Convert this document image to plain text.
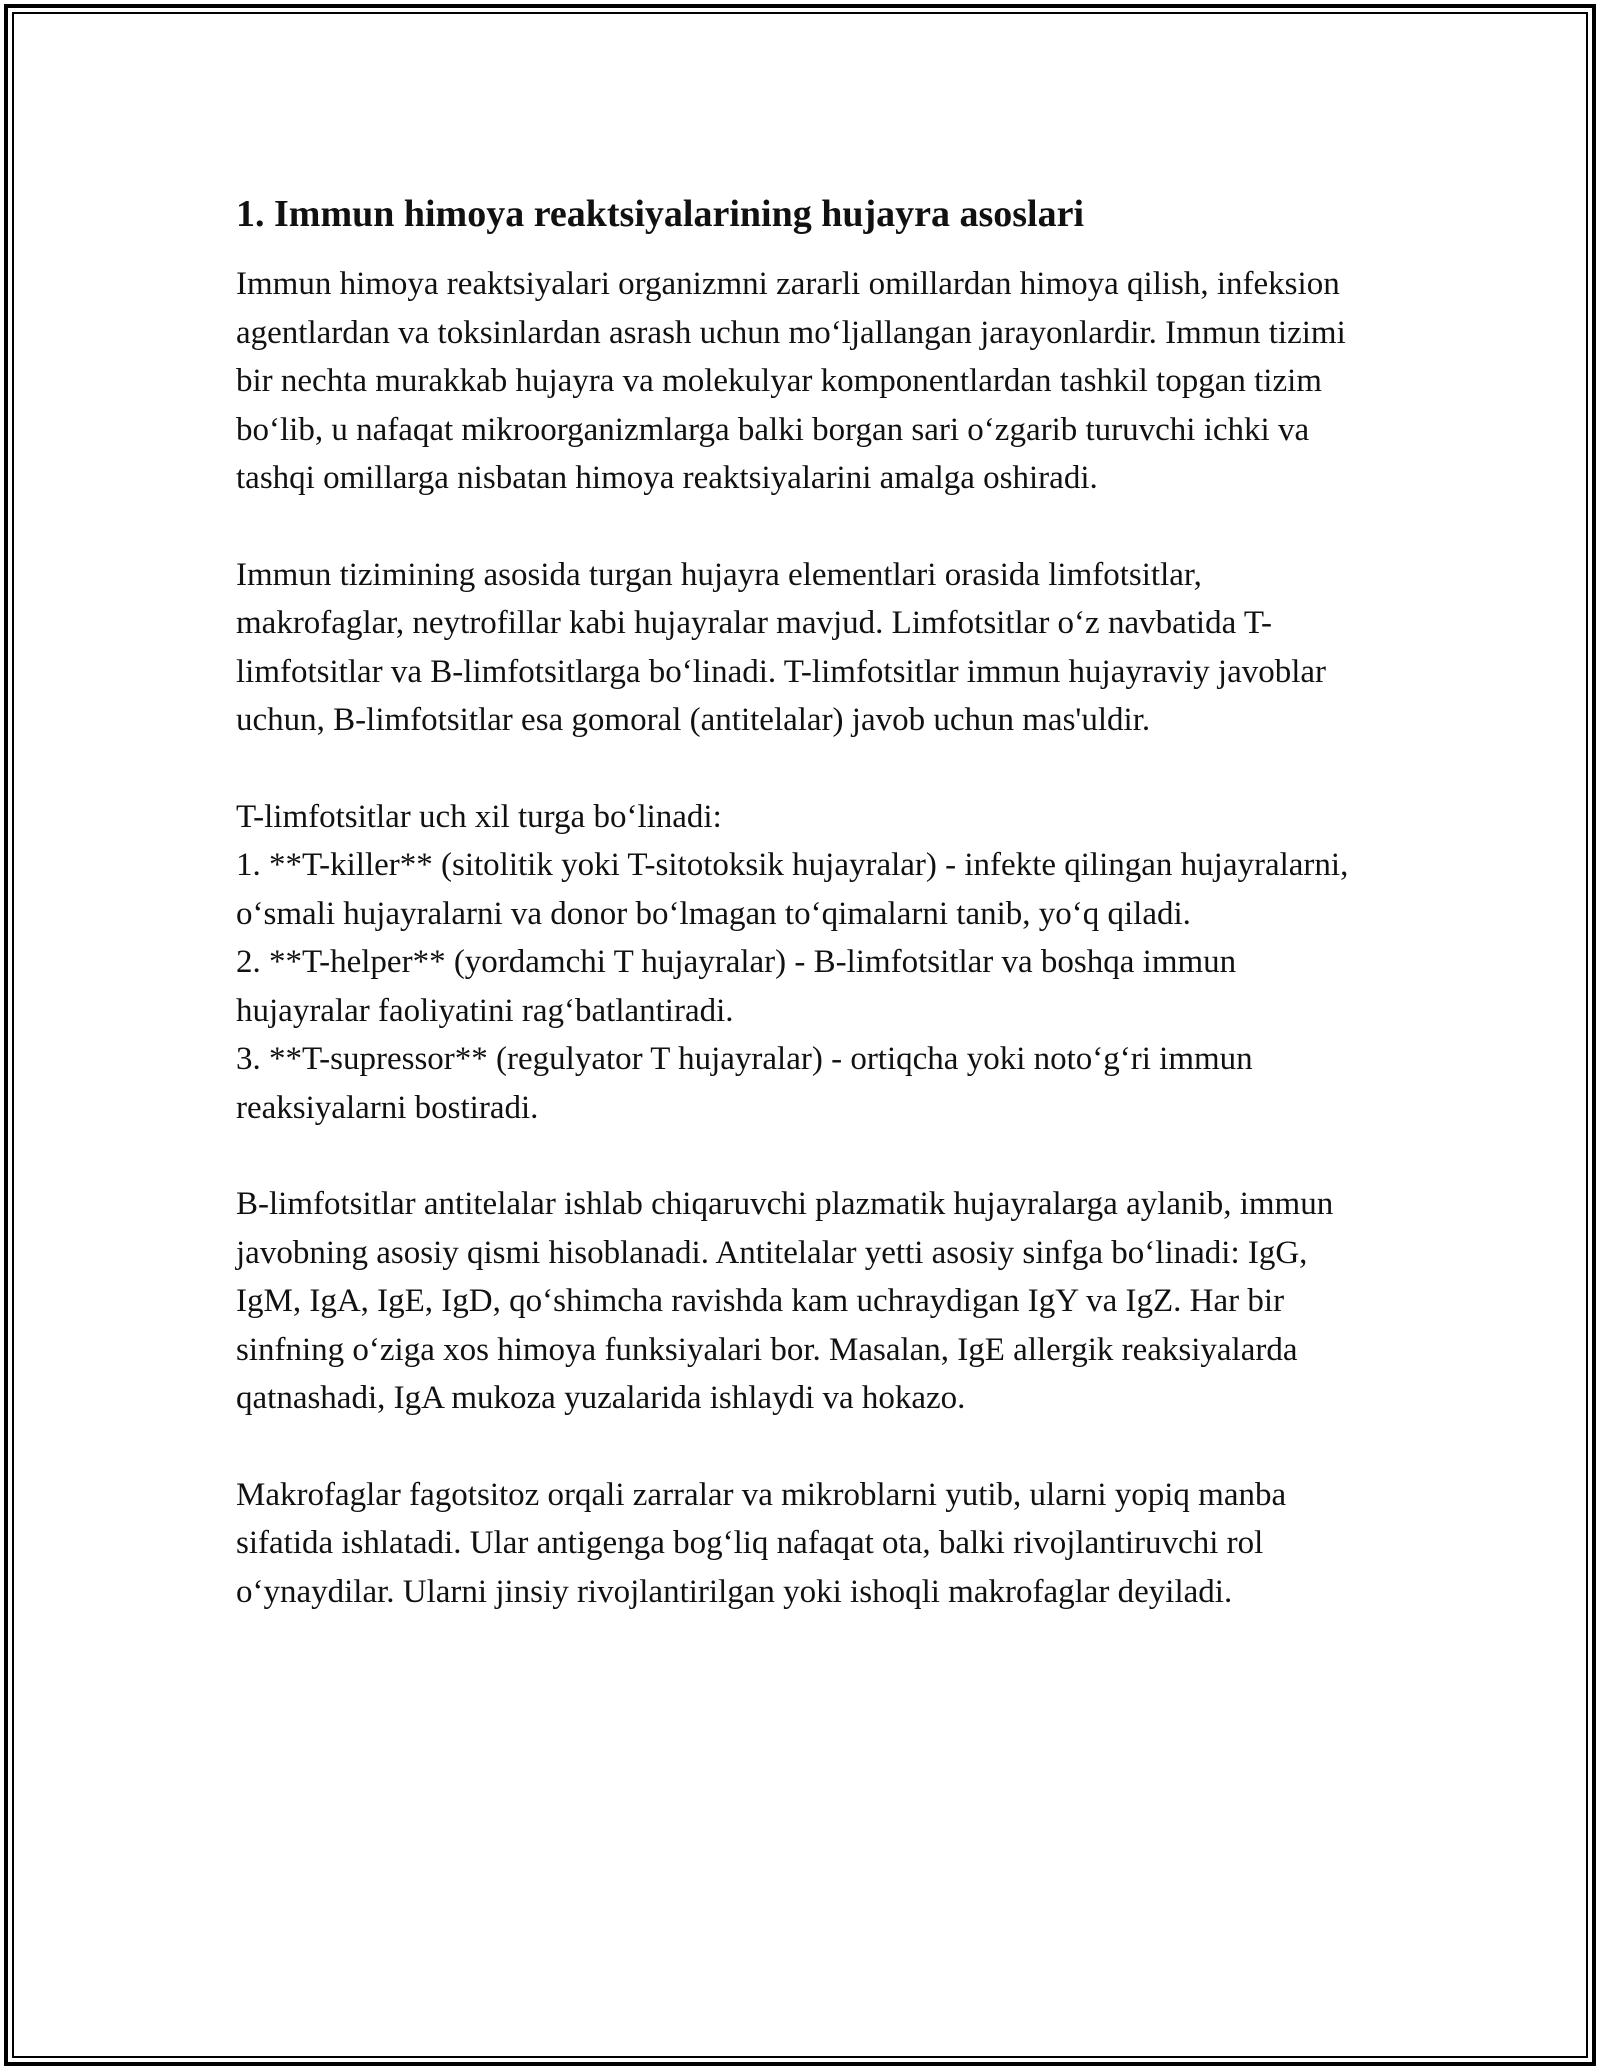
1. Immun himoya reaktsiyalarining hujayra asoslari

Immun himoya reaktsiyalari organizmni zararli omillardan himoya qilish, infeksion agentlardan va toksinlardan asrash uchun mo‘ljallangan jarayonlardir. Immun tizimi bir nechta murakkab hujayra va molekulyar komponentlardan tashkil topgan tizim bo‘lib, u nafaqat mikroorganizmlarga balki borgan sari o‘zgarib turuvchi ichki va tashqi omillarga nisbatan himoya reaktsiyalarini amalga oshiradi.

Immun tizimining asosida turgan hujayra elementlari orasida limfotsitlar, makrofaglar, neytrofillar kabi hujayralar mavjud. Limfotsitlar o‘z navbatida T-limfotsitlar va B-limfotsitlarga bo‘linadi. T-limfotsitlar immun hujayraviy javoblar uchun, B-limfotsitlar esa gomoral (antitelalar) javob uchun mas'uldir.

T-limfotsitlar uch xil turga bo‘linadi:
1. **T-killer** (sitolitik yoki T-sitotoksik hujayralar) - infekte qilingan hujayralarni, o‘smali hujayralarni va donor bo‘lmagan to‘qimalarni tanib, yo‘q qiladi.
2. **T-helper** (yordamchi T hujayralar) - B-limfotsitlar va boshqa immun hujayralar faoliyatini rag‘batlantiradi.
3. **T-supressor** (regulyator T hujayralar) - ortiqcha yoki noto‘g‘ri immun reaksiyalarni bostiradi.

B-limfotsitlar antitelalar ishlab chiqaruvchi plazmatik hujayralarga aylanib, immun javobning asosiy qismi hisoblanadi. Antitelalar yetti asosiy sinfga bo‘linadi: IgG, IgM, IgA, IgE, IgD, qo‘shimcha ravishda kam uchraydigan IgY va IgZ. Har bir sinfning o‘ziga xos himoya funksiyalari bor. Masalan, IgE allergik reaksiyalarda qatnashadi, IgA mukoza yuzalarida ishlaydi va hokazo.

Makrofaglar fagotsitoz orqali zarralar va mikroblarni yutib, ularni yopiq manba sifatida ishlatadi. Ular antigenga bog‘liq nafaqat ota, balki rivojlantiruvchi rol o‘ynaydilar. Ularni jinsiy rivojlantirilgan yoki ishoqli makrofaglar deyiladi.
